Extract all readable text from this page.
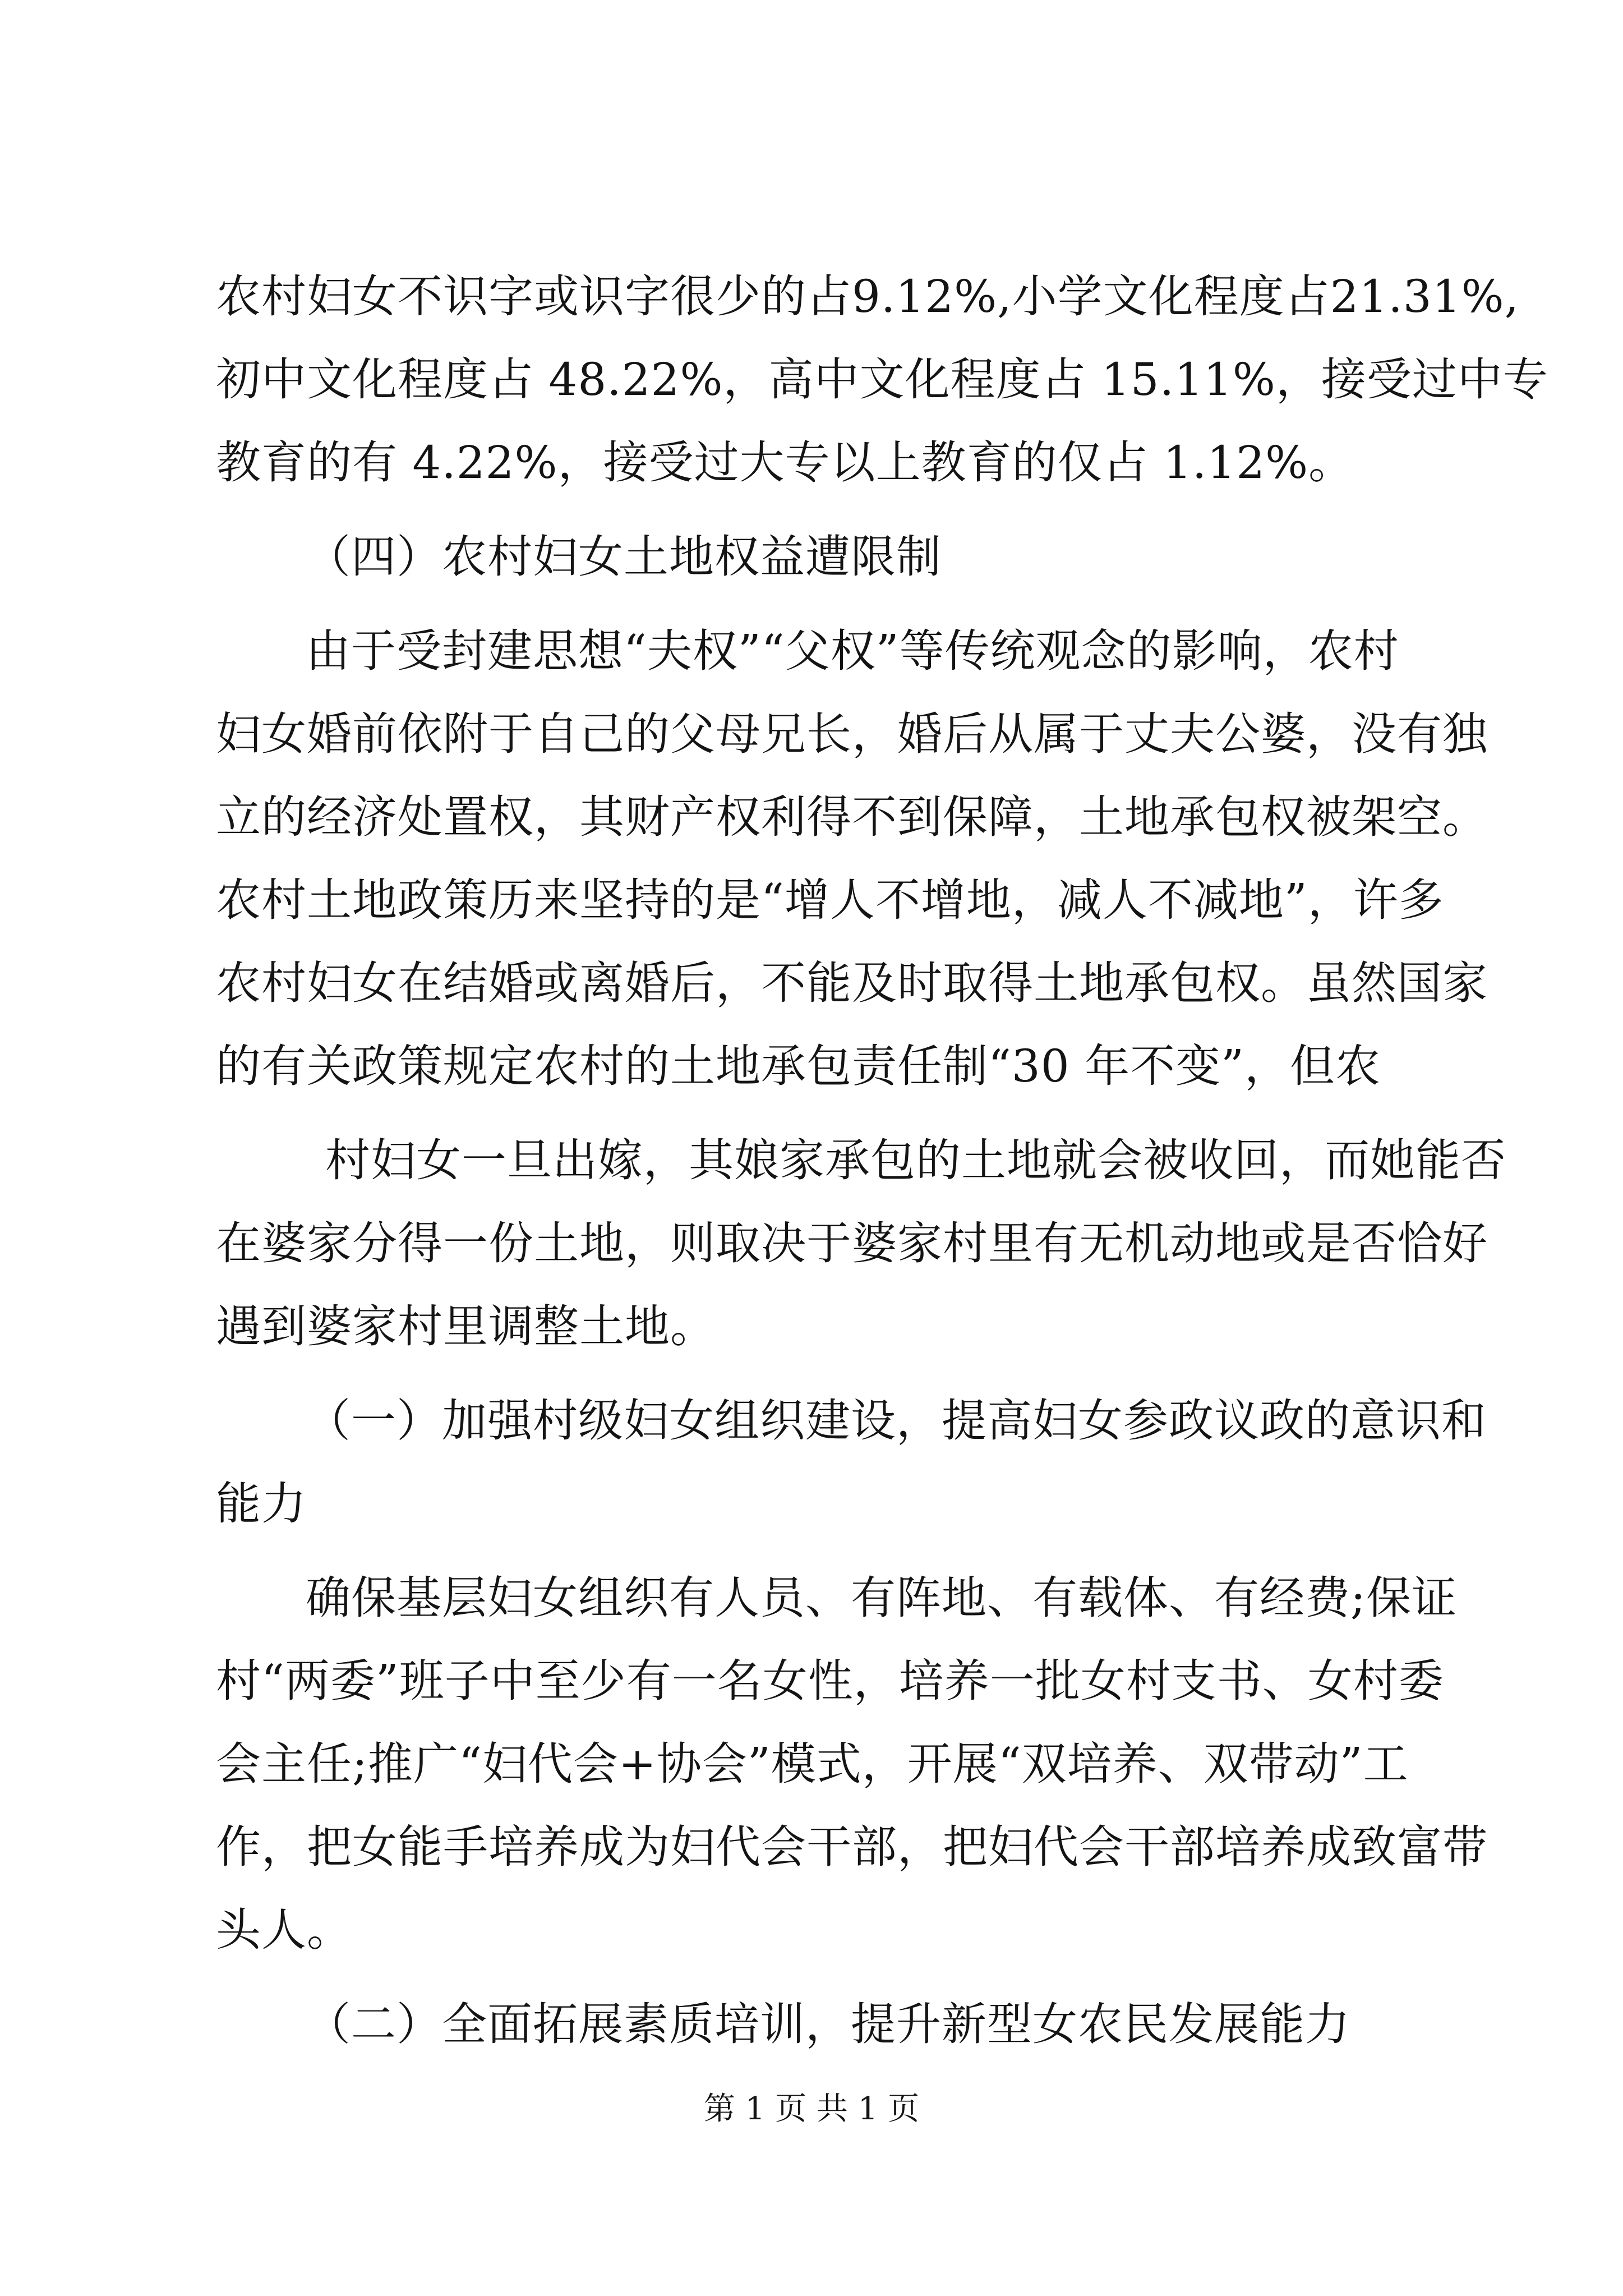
农村妇女不识字或识字很少的占9.12%,小学文化程度占21.31%,
初中文化程度占 48.22%，高中文化程度占 15.11%，接受过中专
教育的有 4.22%，接受过大专以上教育的仅占 1.12%。
（四）农村妇女土地权益遭限制
由于受封建思想“夫权”“父权”等传统观念的影响，农村
妇女婚前依附于自己的父母兄长，婚后从属于丈夫公婆，没有独
立的经济处置权，其财产权利得不到保障，土地承包权被架空。
农村土地政策历来坚持的是“增人不增地，减人不减地”，许多
农村妇女在结婚或离婚后，不能及时取得土地承包权。虽然国家
的有关政策规定农村的土地承包责任制“30 年不变”，但农
村妇女一旦出嫁，其娘家承包的土地就会被收回，而她能否
在婆家分得一份土地，则取决于婆家村里有无机动地或是否恰好
遇到婆家村里调整土地。
（一）加强村级妇女组织建设，提高妇女参政议政的意识和
能力
确保基层妇女组织有人员、有阵地、有载体、有经费;保证
村“两委”班子中至少有一名女性，培养一批女村支书、女村委
会主任;推广“妇代会+协会”模式，开展“双培养、双带动”工
作，把女能手培养成为妇代会干部，把妇代会干部培养成致富带
头人。
（二）全面拓展素质培训，提升新型女农民发展能力
第 1 页 共 1 页
